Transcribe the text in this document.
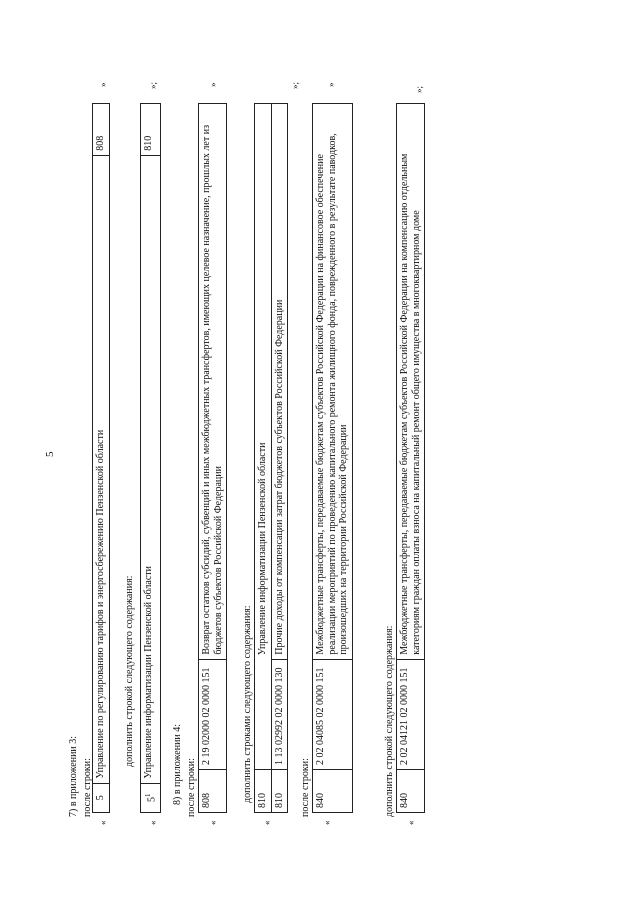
5
7) в приложении 3: после строки:
«
5	Управление по регулированию тарифов и энергосбережению Пензенской области	808
»
дополнить строкой следующего содержания:
«
$5^1$	Управление информатизации Пензенской области	810
»;
8) в приложении 4: после строки:
«
808	2 19 02000 02 0000 151	Возврат остатков субсидий, субвенций и иных межбюджетных трансфертов, имеющих целевое назначение, прошлых лет из бюджетов субъектов Российской Федерации
»
дополнить строками следующего содержания:
«
810		Управление информатизации Пензенской области
810	1 13 02992 02 0000 130	Прочие доходы от компенсации затрат бюджетов субъектов Российской Федерации
»;
после строки:
«
840	2 02 04085 02 0000 151	Межбюджетные трансферты, передаваемые бюджетам субъектов Российской Федерации на финансовое обеспечение реализации мероприятий по проведению капитального ремонта жилищного фонда, поврежденного в результате паводков, произошедших на территории Российской Федерации
»
дополнить строкой следующего содержания:
«
840	2 02 04121 02 0000 151	Межбюджетные трансферты, передаваемые бюджетам субъектов Российской Федерации на компенсацию отдельным категориям граждан оплаты взноса на капитальный ремонт общего имущества в многоквартирном доме
»;
